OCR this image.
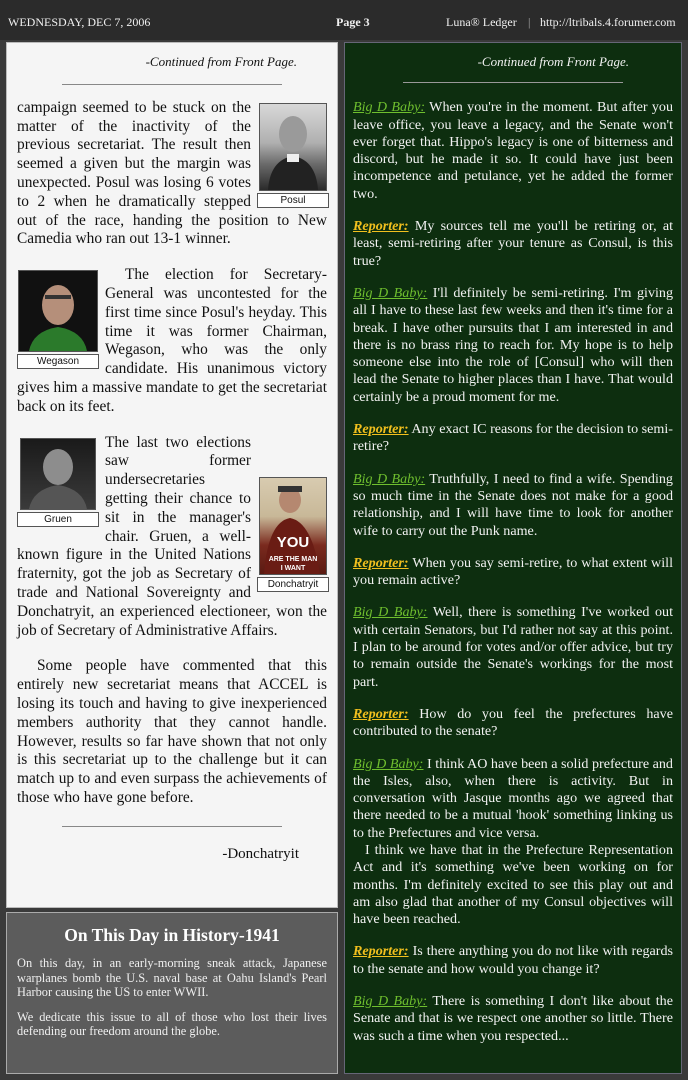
WEDNESDAY, DEC 7, 2006	Page 3	Luna® Ledger | http://ltribals.4.forumer.com
-Continued from Front Page.
Posul

campaign seemed to be stuck on the matter of the inactivity of the previous secretariat. The result then seemed a given but the margin was unexpected. Posul was losing 6 votes to 2 when he dramatically stepped out of the race, handing the position to New Camedia who ran out 13-1 winner.

Wegason

The election for Secretary-General was uncontested for the first time since Posul's heyday. This time it was former Chairman, Wegason, who was the only candidate. His unanimous victory gives him a massive mandate to get the secretariat back on its feet.

Gruen
YOU
ARE THE MAN
I WANT
Donchatryit

The last two elections saw former undersecretaries getting their chance to sit in the manager's chair. Gruen, a well-known figure in the United Nations fraternity, got the job as Secretary of trade and National Sovereignty and Donchatryit, an experienced electioneer, won the job of Secretary of Administrative Affairs.

Some people have commented that this entirely new secretariat means that ACCEL is losing its touch and having to give inexperienced members authority that they cannot handle. However, results so far have shown that not only is this secretariat up to the challenge but it can match up to and even surpass the achievements of those who have gone before.

-Donchatryit
On This Day in History-1941

On this day, in an early-morning sneak attack, Japanese warplanes bomb the U.S. naval base at Oahu Island's Pearl Harbor causing the US to enter WWII.

We dedicate this issue to all of those who lost their lives defending our freedom around the globe.

-Continued from Front Page.

Big D Baby: When you're in the moment. But after you leave office, you leave a legacy, and the Senate won't ever forget that. Hippo's legacy is one of bitterness and discord, but he made it so. It could have just been incompetence and petulance, yet he added the former two.

Reporter: My sources tell me you'll be retiring or, at least, semi-retiring after your tenure as Consul, is this true?

Big D Baby: I'll definitely be semi-retiring. I'm giving all I have to these last few weeks and then it's time for a break. I have other pursuits that I am interested in and there is no brass ring to reach for. My hope is to help someone else into the role of [Consul] who will then lead the Senate to higher places than I have. That would certainly be a proud moment for me.

Reporter: Any exact IC reasons for the decision to semi-retire?

Big D Baby: Truthfully, I need to find a wife. Spending so much time in the Senate does not make for a good relationship, and I will have time to look for another wife to carry out the Punk name.

Reporter: When you say semi-retire, to what extent will you remain active?

Big D Baby: Well, there is something I've worked out with certain Senators, but I'd rather not say at this point. I plan to be around for votes and/or offer advice, but try to remain outside the Senate's workings for the most part.

Reporter: How do you feel the prefectures have contributed to the senate?

Big D Baby: I think AO have been a solid prefecture and the Isles, also, when there is activity. But in conversation with Jasque months ago we agreed that there needed to be a mutual 'hook' something linking us to the Prefectures and vice versa.

I think we have that in the Prefecture Representation Act and it's something we've been working on for months. I'm definitely excited to see this play out and am also glad that another of my Consul objectives will have been reached.

Reporter: Is there anything you do not like with regards to the senate and how would you change it?

Big D Baby: There is something I don't like about the Senate and that is we respect one another so little. There was such a time when you respected...
